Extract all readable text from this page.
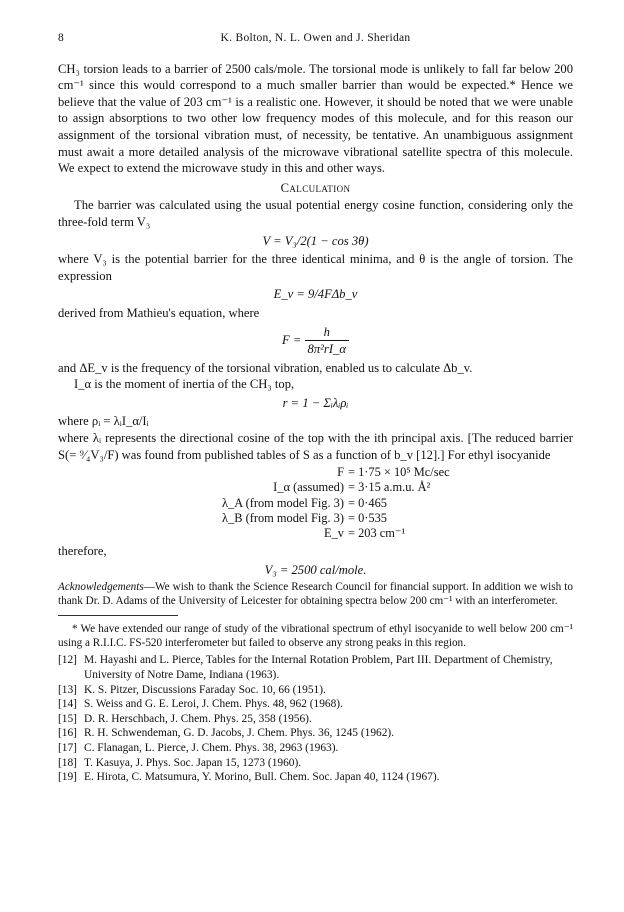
8	K. Bolton, N. L. Owen and J. Sheridan

CH₃ torsion leads to a barrier of 2500 cals/mole. The torsional mode is unlikely to fall far below 200 cm⁻¹ since this would correspond to a much smaller barrier than would be expected.* Hence we believe that the value of 203 cm⁻¹ is a realistic one. However, it should be noted that we were unable to assign absorptions to two other low frequency modes of this molecule, and for this reason our assignment of the torsional vibration must, of necessity, be tentative. An unambiguous assignment must await a more detailed analysis of the microwave vibrational satellite spectra of this molecule. We expect to extend the microwave study in this and other ways.

Calculation

The barrier was calculated using the usual potential energy cosine function, considering only the three-fold term V₃

V = V₃/2(1 − cos 3θ)

where V₃ is the potential barrier for the three identical minima, and θ is the angle of torsion. The expression

E_v = 9/4FΔb_v

derived from Mathieu's equation, where

$F = \frac{h}{\text{8π²rI\_α}}$

and ΔE_v is the frequency of the torsional vibration, enabled us to calculate Δb_v.

I_α is the moment of inertia of the CH₃ top,

r = 1 − Σᵢλᵢρᵢ

where ρᵢ = λᵢI_α/Iᵢ

where λᵢ represents the directional cosine of the top with the ith principal axis. [The reduced barrier S(= ⁹⁄₄V₃/F) was found from published tables of S as a function of b_v [12].] For ethyl isocyanide

F = 1·75 × 10⁵ Mc/sec
I_α (assumed) = 3·15 a.m.u. Å²
λ_A (from model Fig. 3) = 0·465
λ_B (from model Fig. 3) = 0·535
E_v = 203 cm⁻¹

therefore,

V₃ = 2500 cal/mole.

Acknowledgements—We wish to thank the Science Research Council for financial support. In addition we wish to thank Dr. D. Adams of the University of Leicester for obtaining spectra below 200 cm⁻¹ with an interferometer.

* We have extended our range of study of the vibrational spectrum of ethyl isocyanide to well below 200 cm⁻¹ using a R.I.I.C. FS-520 interferometer but failed to observe any strong peaks in this region.

[12] M. Hayashi and L. Pierce, Tables for the Internal Rotation Problem, Part III. Department of Chemistry, University of Notre Dame, Indiana (1963).
[13] K. S. Pitzer, Discussions Faraday Soc. 10, 66 (1951).
[14] S. Weiss and G. E. Leroi, J. Chem. Phys. 48, 962 (1968).
[15] D. R. Herschbach, J. Chem. Phys. 25, 358 (1956).
[16] R. H. Schwendeman, G. D. Jacobs, J. Chem. Phys. 36, 1245 (1962).
[17] C. Flanagan, L. Pierce, J. Chem. Phys. 38, 2963 (1963).
[18] T. Kasuya, J. Phys. Soc. Japan 15, 1273 (1960).
[19] E. Hirota, C. Matsumura, Y. Morino, Bull. Chem. Soc. Japan 40, 1124 (1967).
